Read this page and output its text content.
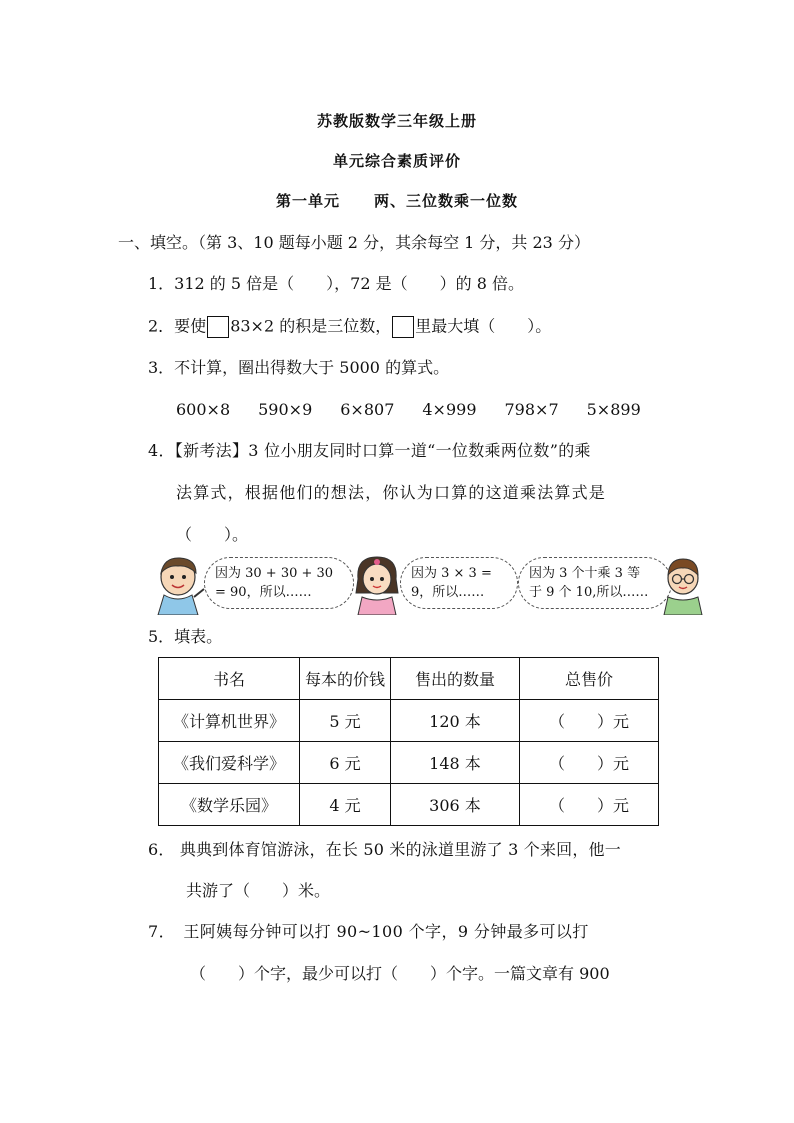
苏教版数学三年级上册
单元综合素质评价
第一单元 两、三位数乘一位数
一、填空。（第 3、10 题每小题 2 分，其余每空 1 分，共 23 分）
1．312 的 5 倍是（　　），72 是（　　）的 8 倍。
2．要使 83×2 的积是三位数， 里最大填（　　）。
3．不计算，圈出得数大于 5000 的算式。
600×8 590×9 6×807 4×999 798×7 5×899
4．【新考法】3 位小朋友同时口算一道“一位数乘两位数”的乘
法算式，根据他们的想法，你认为口算的这道乘法算式是
（　　）。
因为 30 + 30 + 30
= 90，所以……
因为 3 × 3 =
9，所以……
因为 3 个十乘 3 等
于 9 个 10,所以……
5．填表。
书名	每本的价钱	售出的数量	总售价
《计算机世界》	5 元	120 本	（　　）元
《我们爱科学》	6 元	148 本	（　　）元
《数学乐园》	4 元	306 本	（　　）元
6． 典典到体育馆游泳，在长 50 米的泳道里游了 3 个来回，他一
共游了（　　）米。
7．　王阿姨每分钟可以打 90~100 个字，9 分钟最多可以打
（　　）个字，最少可以打（　　）个字。一篇文章有 900
